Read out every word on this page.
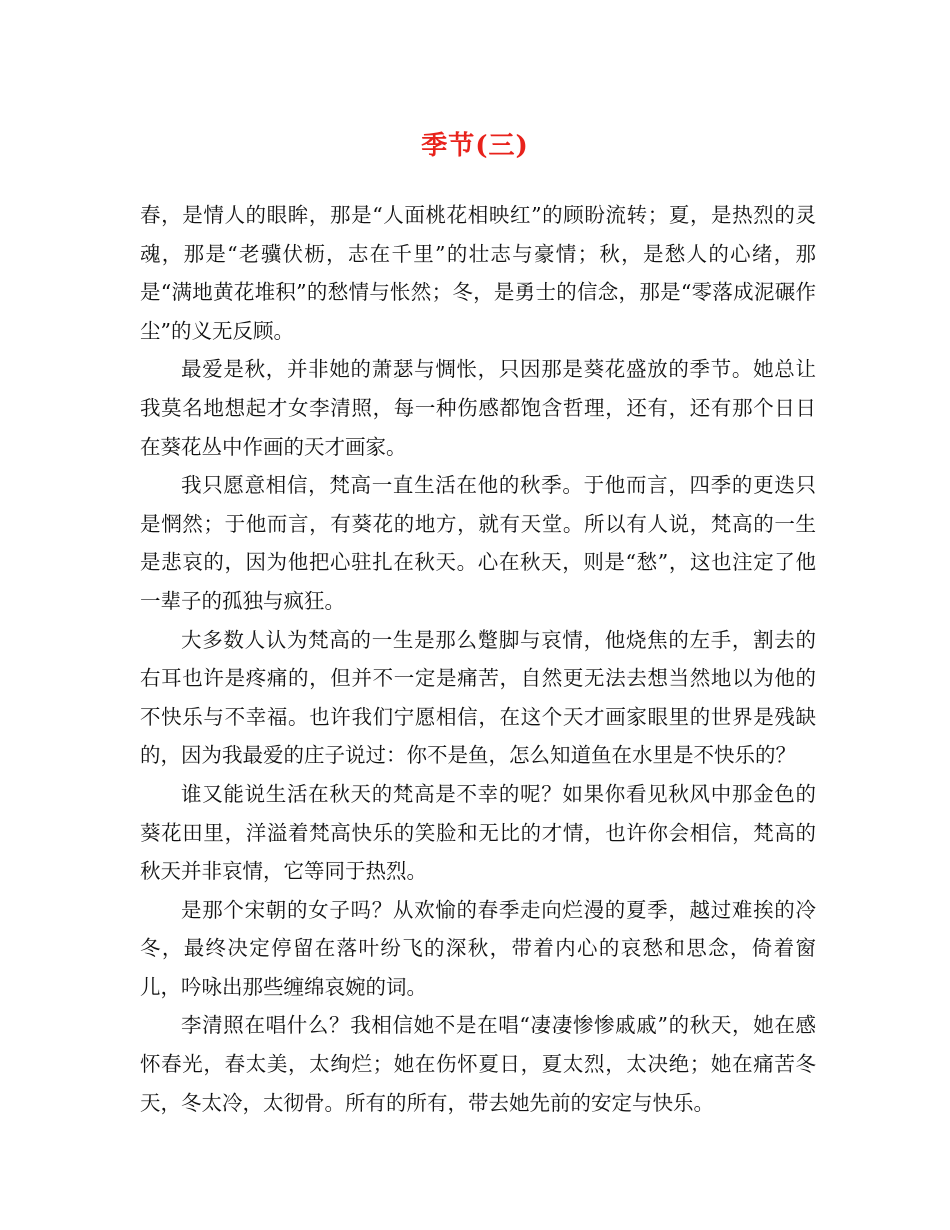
季节(三)

春，是情人的眼眸，那是“人面桃花相映红”的顾盼流转；夏，是热烈的灵魂，那是“老骥伏枥，志在千里”的壮志与豪情；秋，是愁人的心绪，那是“满地黄花堆积”的愁情与怅然；冬，是勇士的信念，那是“零落成泥碾作尘”的义无反顾。

最爱是秋，并非她的萧瑟与惆怅，只因那是葵花盛放的季节。她总让我莫名地想起才女李清照，每一种伤感都饱含哲理，还有，还有那个日日在葵花丛中作画的天才画家。

我只愿意相信，梵高一直生活在他的秋季。于他而言，四季的更迭只是惘然；于他而言，有葵花的地方，就有天堂。所以有人说，梵高的一生是悲哀的，因为他把心驻扎在秋天。心在秋天，则是“愁”，这也注定了他一辈子的孤独与疯狂。

大多数人认为梵高的一生是那么蹩脚与哀情，他烧焦的左手，割去的右耳也许是疼痛的，但并不一定是痛苦，自然更无法去想当然地以为他的不快乐与不幸福。也许我们宁愿相信，在这个天才画家眼里的世界是残缺的，因为我最爱的庄子说过：你不是鱼，怎么知道鱼在水里是不快乐的？

谁又能说生活在秋天的梵高是不幸的呢？如果你看见秋风中那金色的葵花田里，洋溢着梵高快乐的笑脸和无比的才情，也许你会相信，梵高的秋天并非哀情，它等同于热烈。

是那个宋朝的女子吗？从欢愉的春季走向烂漫的夏季，越过难挨的冷冬，最终决定停留在落叶纷飞的深秋，带着内心的哀愁和思念，倚着窗儿，吟咏出那些缠绵哀婉的词。

李清照在唱什么？我相信她不是在唱“凄凄惨惨戚戚”的秋天，她在感怀春光，春太美，太绚烂；她在伤怀夏日，夏太烈，太决绝；她在痛苦冬天，冬太冷，太彻骨。所有的所有，带去她先前的安定与快乐。
